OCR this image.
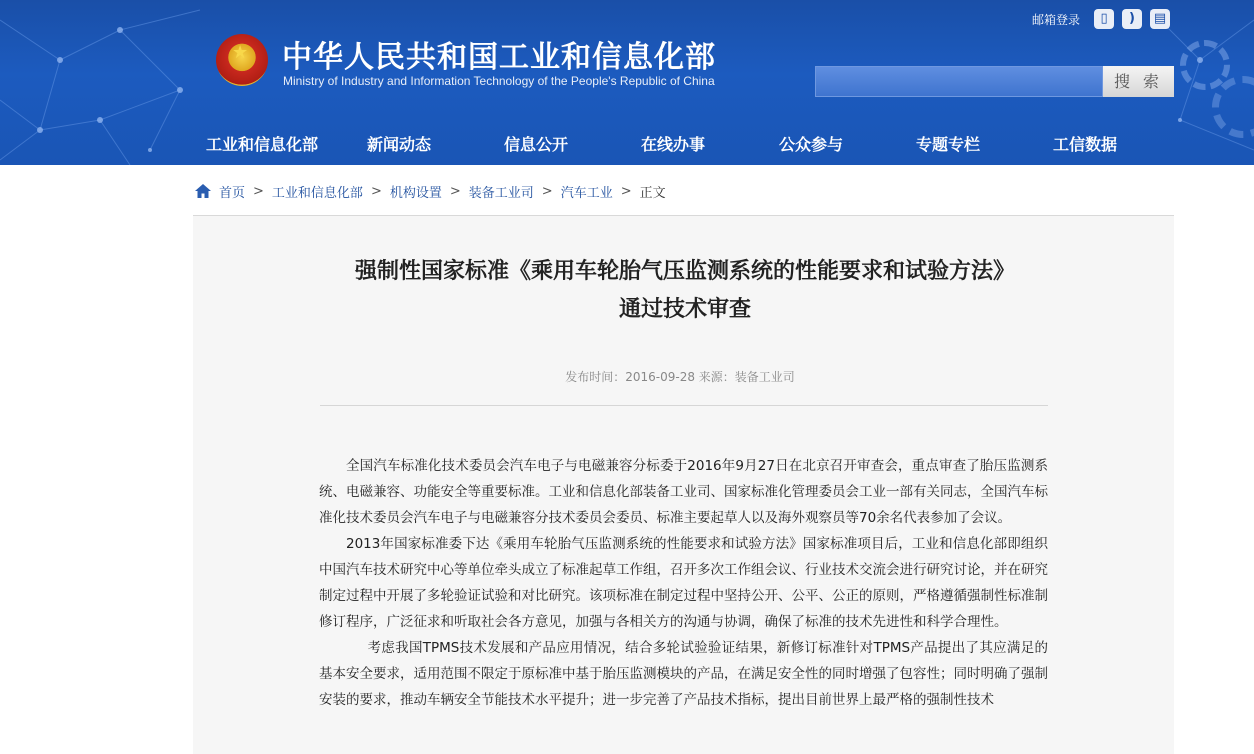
★ 中华人民共和国工业和信息化部
Ministry of Industry and Information Technology of the People's Republic of China
邮箱登录	▯	)	▤
搜 索
工业和信息化部	新闻动态	信息公开	在线办事	公众参与	专题专栏	工信数据
首页 > 工业和信息化部 > 机构设置 > 装备工业司 > 汽车工业 > 正文
强制性国家标准《乘用车轮胎气压监测系统的性能要求和试验方法》
通过技术审查
发布时间：2016-09-28 来源：装备工业司

全国汽车标准化技术委员会汽车电子与电磁兼容分标委于2016年9月27日在北京召开审查会，重点审查了胎压监测系统、电磁兼容、功能安全等重要标准。工业和信息化部装备工业司、国家标准化管理委员会工业一部有关同志，全国汽车标准化技术委员会汽车电子与电磁兼容分技术委员会委员、标准主要起草人以及海外观察员等70余名代表参加了会议。

2013年国家标准委下达《乘用车轮胎气压监测系统的性能要求和试验方法》国家标准项目后，工业和信息化部即组织中国汽车技术研究中心等单位牵头成立了标准起草工作组，召开多次工作组会议、行业技术交流会进行研究讨论，并在研究制定过程中开展了多轮验证试验和对比研究。该项标准在制定过程中坚持公开、公平、公正的原则，严格遵循强制性标准制修订程序，广泛征求和听取社会各方意见，加强与各相关方的沟通与协调，确保了标准的技术先进性和科学合理性。

考虑我国TPMS技术发展和产品应用情况，结合多轮试验验证结果，新修订标准针对TPMS产品提出了其应满足的基本安全要求，适用范围不限定于原标准中基于胎压监测模块的产品，在满足安全性的同时增强了包容性；同时明确了强制安装的要求，推动车辆安全节能技术水平提升；进一步完善了产品技术指标，提出目前世界上最严格的强制性技术
